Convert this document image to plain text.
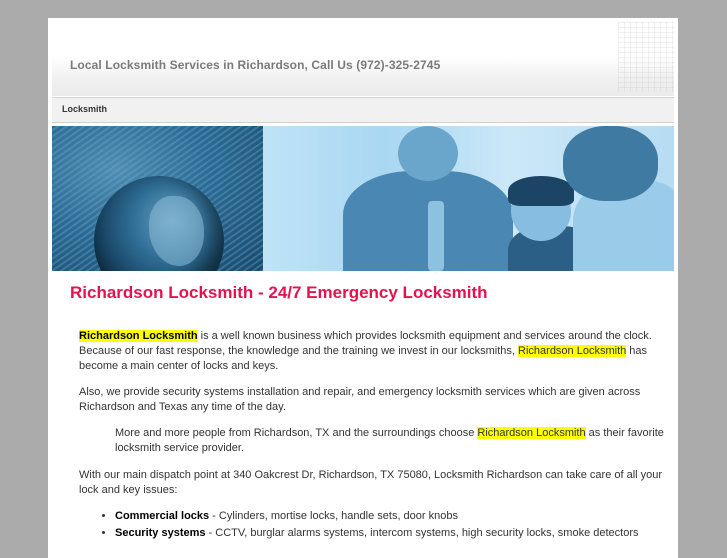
Local Locksmith Services in Richardson, Call Us (972)-325-2745
Locksmith
Richardson Locksmith - 24/7 Emergency Locksmith

Richardson Locksmith is a well known business which provides locksmith equipment and services around the clock. Because of our fast response, the knowledge and the training we invest in our locksmiths, Richardson Locksmith has become a main center of locks and keys.

Also, we provide security systems installation and repair, and emergency locksmith services which are given across Richardson and Texas any time of the day.

More and more people from Richardson, TX and the surroundings choose Richardson Locksmith as their favorite locksmith service provider.

With our main dispatch point at 340 Oakcrest Dr, Richardson, TX 75080, Locksmith Richardson can take care of all your lock and key issues:

• Commercial locks - Cylinders, mortise locks, handle sets, door knobs
• Security systems - CCTV, burglar alarms systems, intercom systems, high security locks, smoke detectors
